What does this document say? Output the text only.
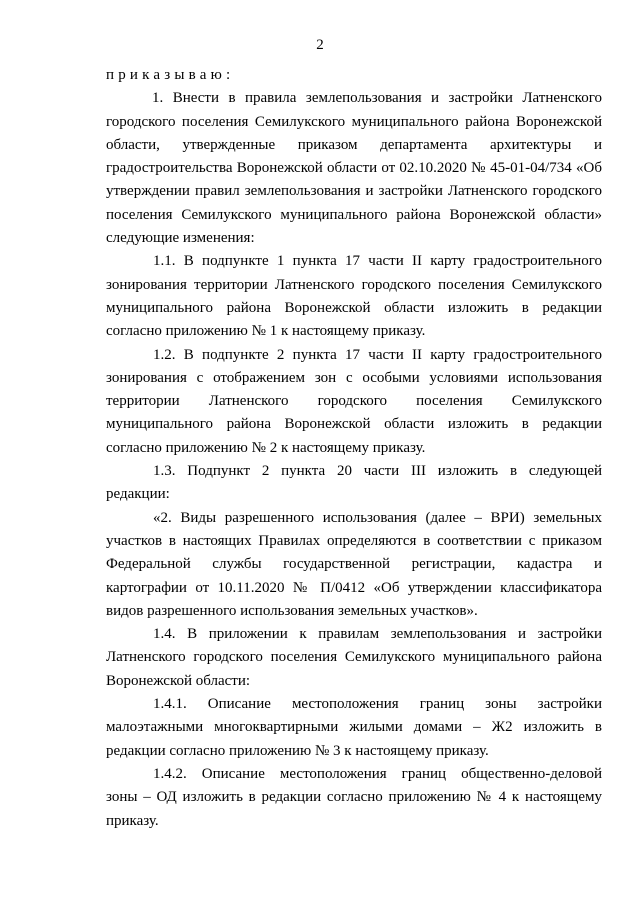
2
приказываю:
1. Внести в правила землепользования и застройки Латненского
городского поселения Семилукского муниципального района Воронежской
области, утвержденные приказом департамента архитектуры и
градостроительства Воронежской области от 02.10.2020 № 45-01-04/734 «Об
утверждении правил землепользования и застройки Латненского городского
поселения Семилукского муниципального района Воронежской области»
следующие изменения:
1.1. В подпункте 1 пункта 17 части II карту градостроительного
зонирования территории Латненского городского поселения Семилукского
муниципального района Воронежской области изложить в редакции
согласно приложению № 1 к настоящему приказу.
1.2. В подпункте 2 пункта 17 части II карту градостроительного
зонирования с отображением зон с особыми условиями использования
территории Латненского городского поселения Семилукского
муниципального района Воронежской области изложить в редакции
согласно приложению № 2 к настоящему приказу.
1.3. Подпункт 2 пункта 20 части III изложить в следующей
редакции:
«2. Виды разрешенного использования (далее – ВРИ) земельных
участков в настоящих Правилах определяются в соответствии с приказом
Федеральной службы государственной регистрации, кадастра и
картографии от 10.11.2020 № П/0412 «Об утверждении классификатора
видов разрешенного использования земельных участков».
1.4. В приложении к правилам землепользования и застройки
Латненского городского поселения Семилукского муниципального района
Воронежской области:
1.4.1. Описание местоположения границ зоны застройки
малоэтажными многоквартирными жилыми домами – Ж2 изложить в
редакции согласно приложению № 3 к настоящему приказу.
1.4.2. Описание местоположения границ общественно-деловой
зоны – ОД изложить в редакции согласно приложению № 4 к настоящему
приказу.
